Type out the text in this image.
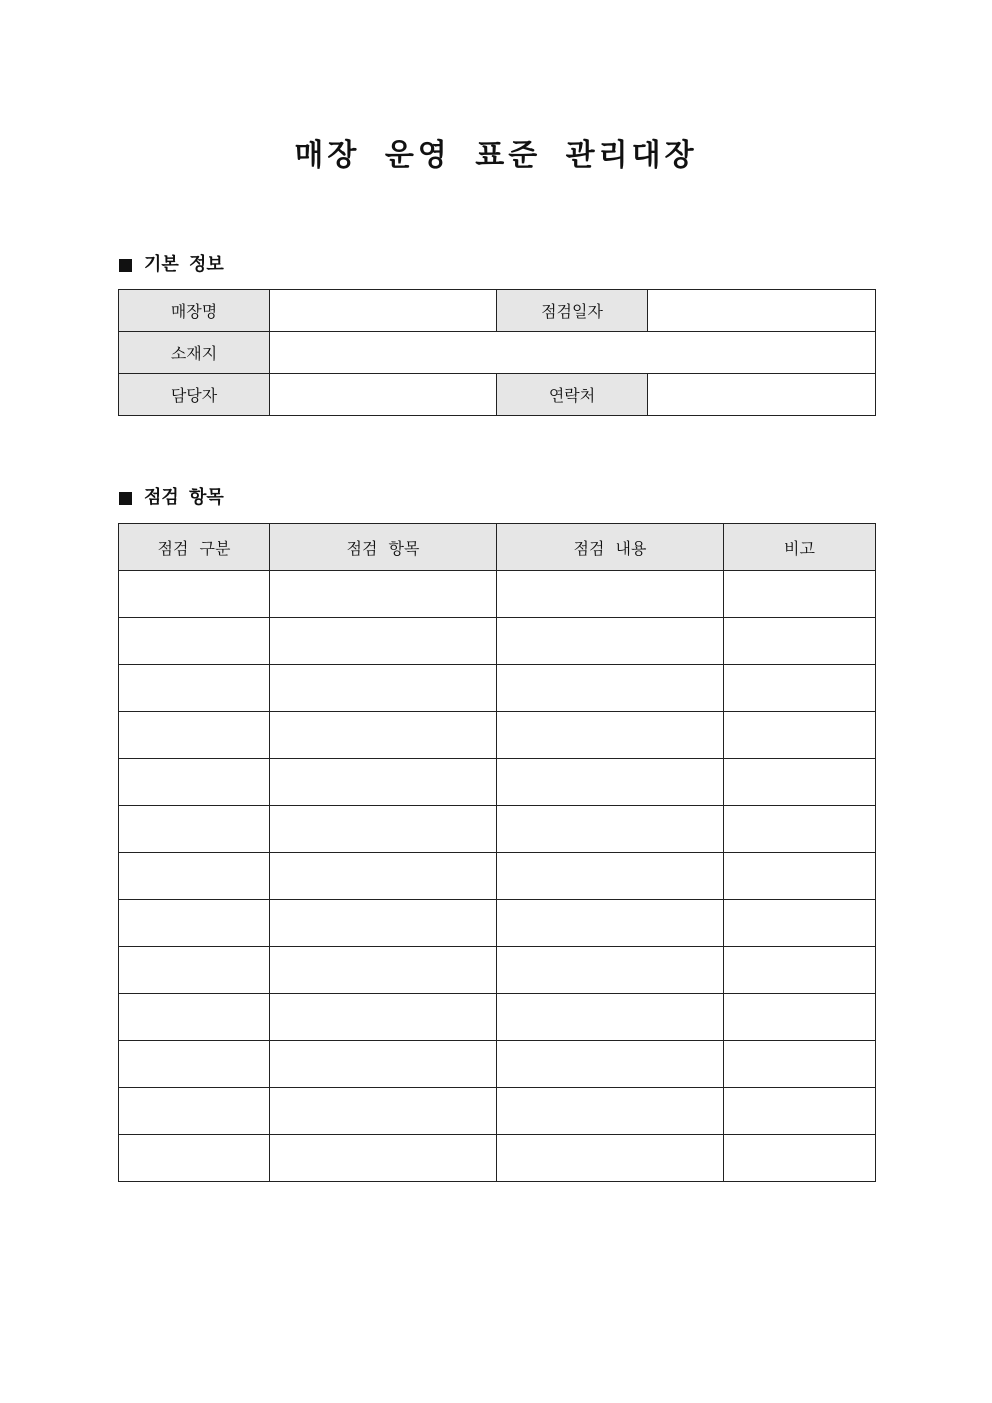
매장 운영 표준 관리대장
기본 정보
매장명		점검일자	
소재지			
담당자		연락처	
점검 항목
점검 구분	점검 항목	점검 내용	비고
